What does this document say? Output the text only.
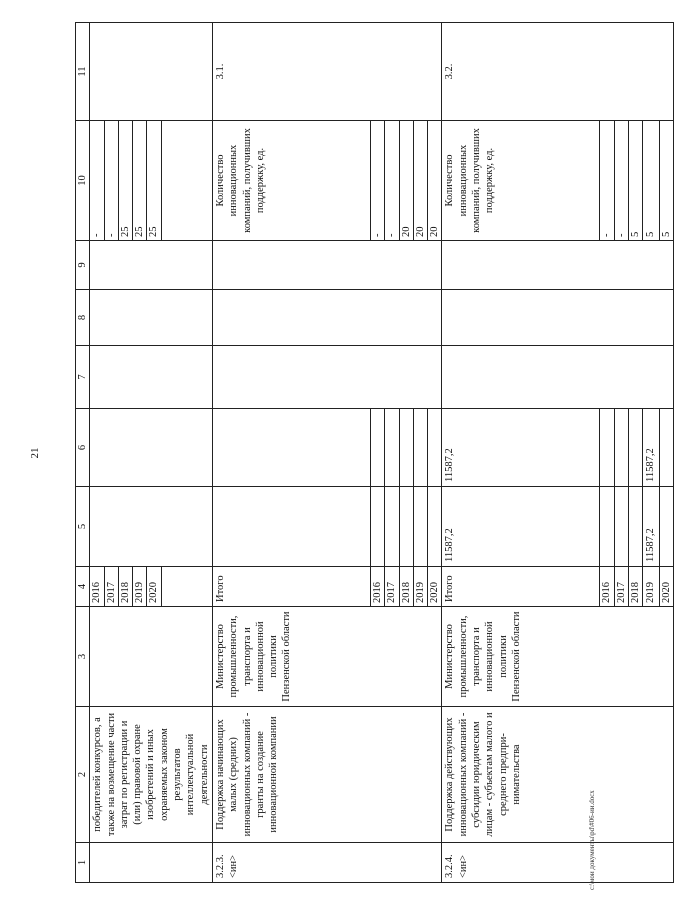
21
1	2	3	4	5	6	7	8	9	10	11
	победителей конкурсов, а также на возмещение части затрат по регистрации и (или) правовой охране изобретений и иных охраняемых законом результатов интеллектуальной деятельности		2016						-	
			2017						-	
			2018						25	
			2019						25	
			2020						25	

3.2.3. <ин>	Поддержка начинающих малых (средних) инновационных компаний - гранты на создание инновационной компании	Министерство промышленности, транспорта и инновационной политики Пензенской области	Итого						Количество инновационных компаний, получивших поддержку, ед.	3.1.
			2016						-	
			2017						-	
			2018						20	
			2019						20	
			2020						20	
3.2.4. <ин>	Поддержка действующих инновационных компаний - субсидии юридическим лицам - субъектам малого и среднего предпри-нимательства	Министерство промышленности, транспорта и инновационной политики Пензенской области	Итого	11587,2	11587,2				Количество инновационных компаний, получивших поддержку, ед.	3.2.
			2016						-	
			2017						-	
			2018						5	
			2019	11587,2	11587,2				5	
			2020						5	
c:\мои документы\pd\#06-ии.docx
